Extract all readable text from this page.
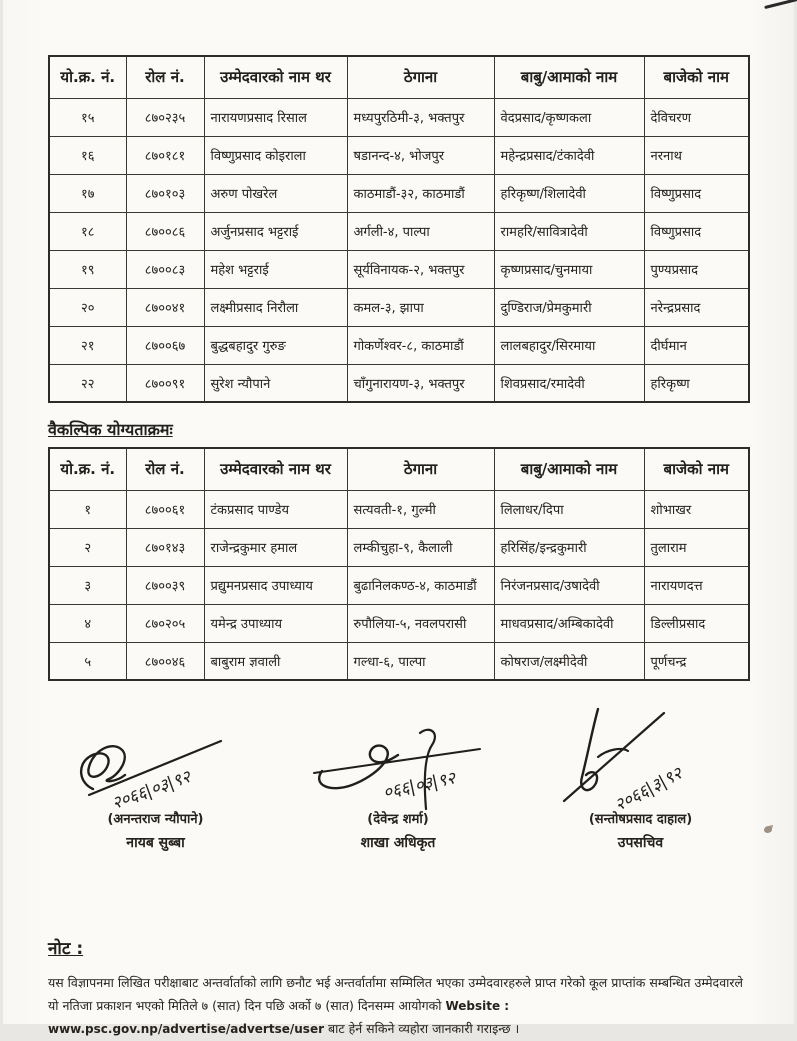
यो.क्र. नं.	रोल नं.	उम्मेदवारको नाम थर	ठेगाना	बाबु/आमाको नाम	बाजेको नाम
१५	८७०२३५	नारायणप्रसाद रिसाल	मध्यपुरठिमी-३, भक्तपुर	वेदप्रसाद/कृष्णकला	देविचरण
१६	८७०१८१	विष्णुप्रसाद कोइराला	षडानन्द-४, भोजपुर	महेन्द्रप्रसाद/टंकादेवी	नरनाथ
१७	८७०१०३	अरुण पोखरेल	काठमाडौं-३२, काठमाडौं	हरिकृष्ण/शिलादेवी	विष्णुप्रसाद
१८	८७००८६	अर्जुनप्रसाद भट्टराई	अर्गली-४, पाल्पा	रामहरि/सावित्रादेवी	विष्णुप्रसाद
१९	८७००८३	महेश भट्टराई	सूर्यविनायक-२, भक्तपुर	कृष्णप्रसाद/चुनमाया	पुण्यप्रसाद
२०	८७००४१	लक्ष्मीप्रसाद निरौला	कमल-३, झापा	दुण्डिराज/प्रेमकुमारी	नरेन्द्रप्रसाद
२१	८७००६७	बुद्धबहादुर गुरुङ	गोकर्णेश्वर-८, काठमाडौं	लालबहादुर/सिरमाया	दीर्घमान
२२	८७००९१	सुरेश न्यौपाने	चाँगुनारायण-३, भक्तपुर	शिवप्रसाद/रमादेवी	हरिकृष्ण
वैकल्पिक योग्यताक्रमः
यो.क्र. नं.	रोल नं.	उम्मेदवारको नाम थर	ठेगाना	बाबु/आमाको नाम	बाजेको नाम
१	८७००६१	टंकप्रसाद पाण्डेय	सत्यवती-१, गुल्मी	लिलाधर/दिपा	शोभाखर
२	८७०१४३	राजेन्द्रकुमार हमाल	लम्कीचुहा-९, कैलाली	हरिसिंह/इन्द्रकुमारी	तुलाराम
३	८७००३९	प्रद्युमनप्रसाद उपाध्याय	बुढानिलकण्ठ-४, काठमाडौं	निरंजनप्रसाद/उषादेवी	नारायणदत्त
४	८७०२०५	यमेन्द्र उपाध्याय	रुपौलिया-५, नवलपरासी	माधवप्रसाद/अम्बिकादेवी	डिल्लीप्रसाद
५	८७००४६	बाबुराम ज्ञवाली	गल्धा-६, पाल्पा	कोषराज/लक्ष्मीदेवी	पूर्णचन्द्र
२०६६|०३|९२
(अनन्तराज न्यौपाने)
नायब सुब्बा
०६६|०३|९२
(देवेन्द्र शर्मा)
शाखा अधिकृत
२०६६|३|९२
(सन्तोषप्रसाद दाहाल)
उपसचिव
नोट :
यस विज्ञापनमा लिखित परीक्षाबाट अन्तर्वार्ताको लागि छनौट भई अन्तर्वार्तामा सम्मिलित भएका उम्मेदवारहरुले प्राप्त गरेको कूल प्राप्तांक सम्बन्धित उम्मेदवारले यो नतिजा प्रकाशन भएको मितिले ७ (सात) दिन पछि अर्को ७ (सात) दिनसम्म आयोगको Website : www.psc.gov.np/advertise/advertse/user बाट हेर्न सकिने व्यहोरा जानकारी गराइन्छ ।
